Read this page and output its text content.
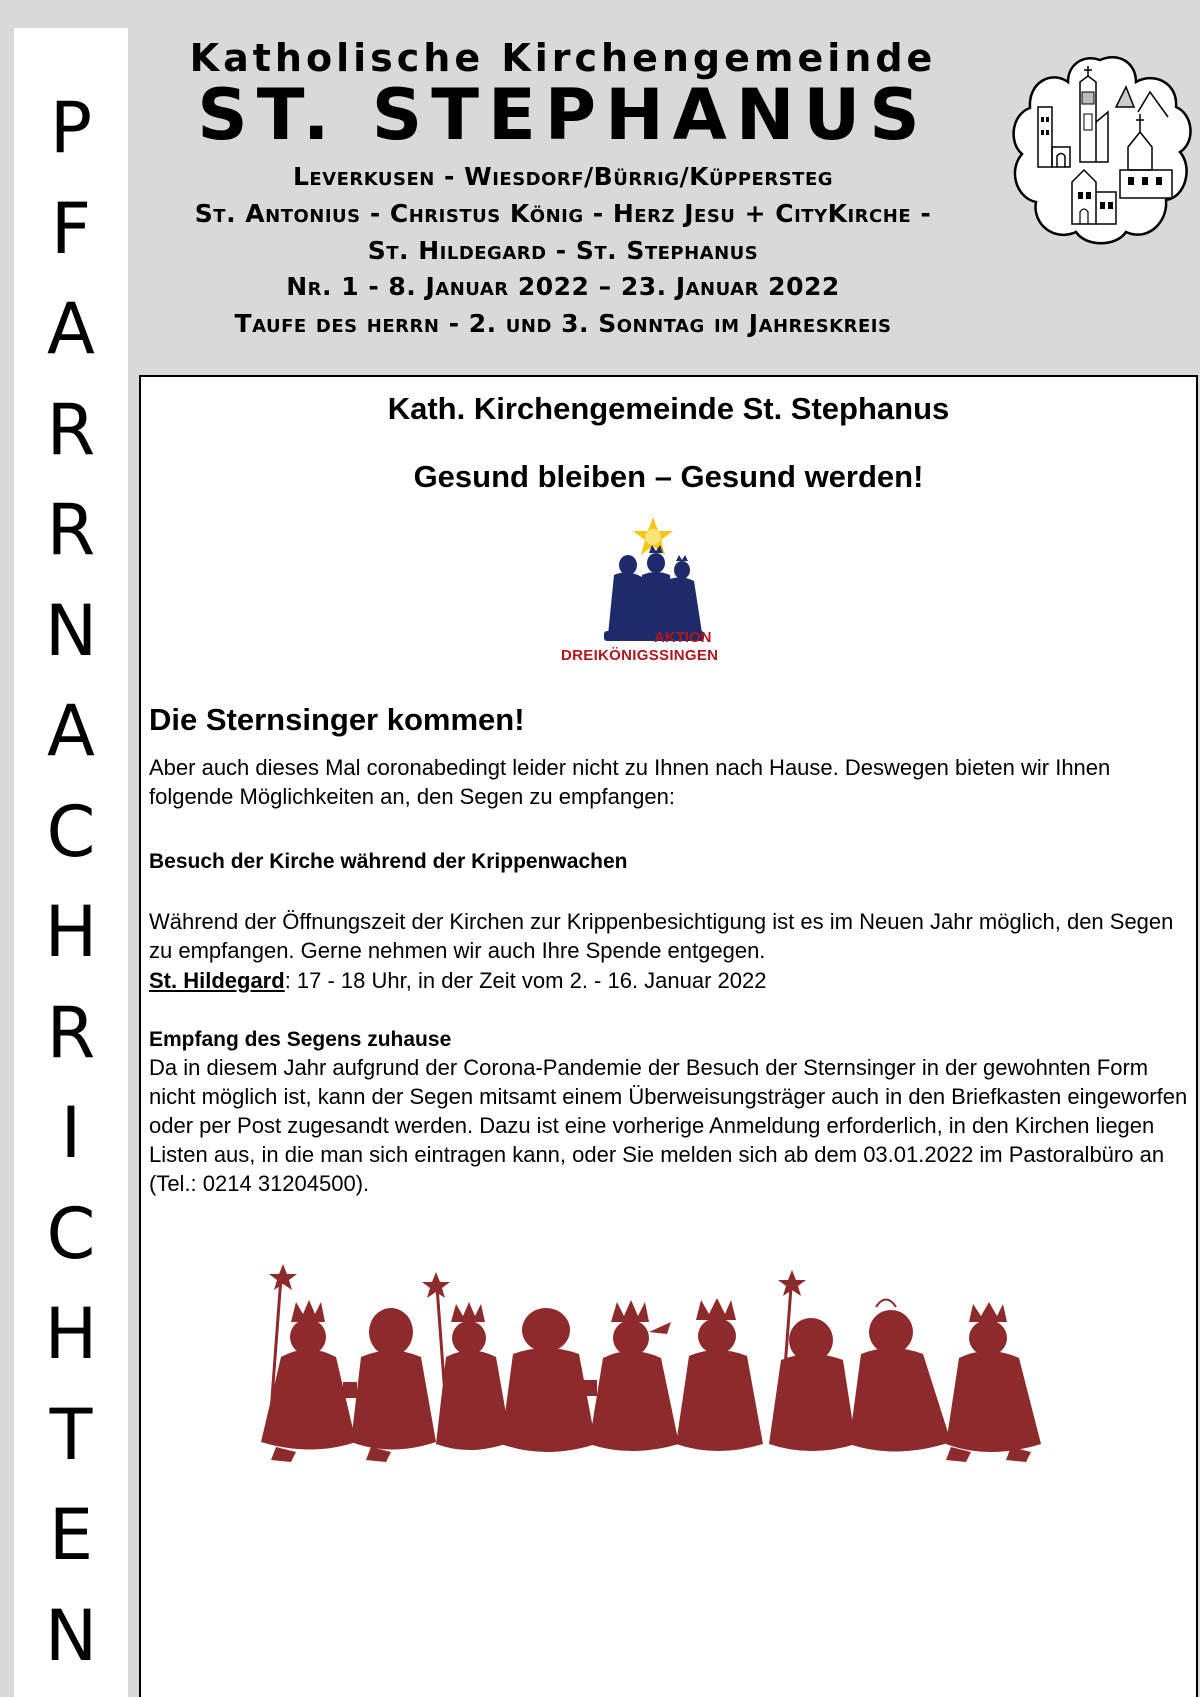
P
F
A
R
R
N
A
C
H
R
I
C
H
T
E
N
Katholische Kirchengemeinde
ST. STEPHANUS
Leverkusen - Wiesdorf/Bürrig/Küppersteg
St. Antonius - Christus König - Herz Jesu + CityKirche -
St. Hildegard - St. Stephanus
Nr. 1 - 8. Januar 2022 – 23. Januar 2022
Taufe des herrn - 2. und 3. Sonntag im Jahreskreis
Kath. Kirchengemeinde St. Stephanus
Gesund bleiben – Gesund werden!
AKTION
DREIKÖNIGSSINGEN
Die Sternsinger kommen!
Aber auch dieses Mal coronabedingt leider nicht zu Ihnen nach Hause. Deswegen bieten wir Ihnen folgende Möglichkeiten an, den Segen zu empfangen:
Besuch der Kirche während der Krippenwachen
Während der Öffnungszeit der Kirchen zur Krippenbesichtigung ist es im Neuen Jahr möglich, den Segen zu empfangen. Gerne nehmen wir auch Ihre Spende entgegen.
St. Hildegard: 17 - 18 Uhr, in der Zeit vom 2. - 16. Januar 2022
Empfang des Segens zuhause
Da in diesem Jahr aufgrund der Corona-Pandemie der Besuch der Sternsinger in der gewohnten Form nicht möglich ist, kann der Segen mitsamt einem Überweisungsträger auch in den Briefkasten eingeworfen oder per Post zugesandt werden. Dazu ist eine vorherige Anmeldung erforderlich, in den Kirchen liegen Listen aus, in die man sich eintragen kann, oder Sie melden sich ab dem 03.01.2022 im Pastoralbüro an (Tel.: 0214 31204500).
